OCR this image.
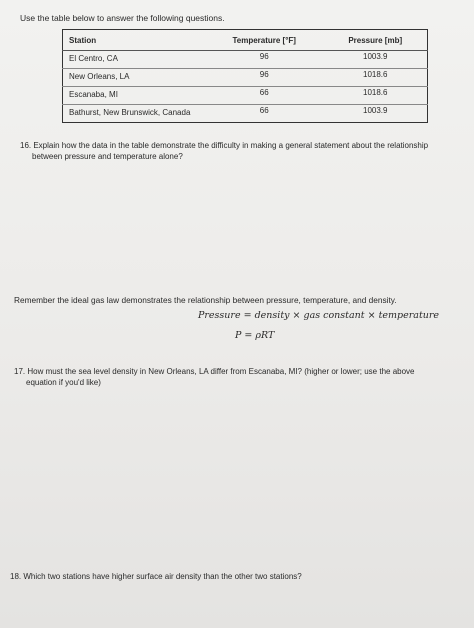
Use the table below to answer the following questions.
Station	Temperature [°F]	Pressure [mb]
El Centro, CA	96	1003.9
New Orleans, LA	96	1018.6
Escanaba, MI	66	1018.6
Bathurst, New Brunswick, Canada	66	1003.9
16. Explain how the data in the table demonstrate the difficulty in making a general statement about the relationship
between pressure and temperature alone?
Remember the ideal gas law demonstrates the relationship between pressure, temperature, and density.
Pressure = density × gas constant × temperature
P = ρRT
17. How must the sea level density in New Orleans, LA differ from Escanaba, MI? (higher or lower; use the above
equation if you'd like)
18. Which two stations have higher surface air density than the other two stations?
